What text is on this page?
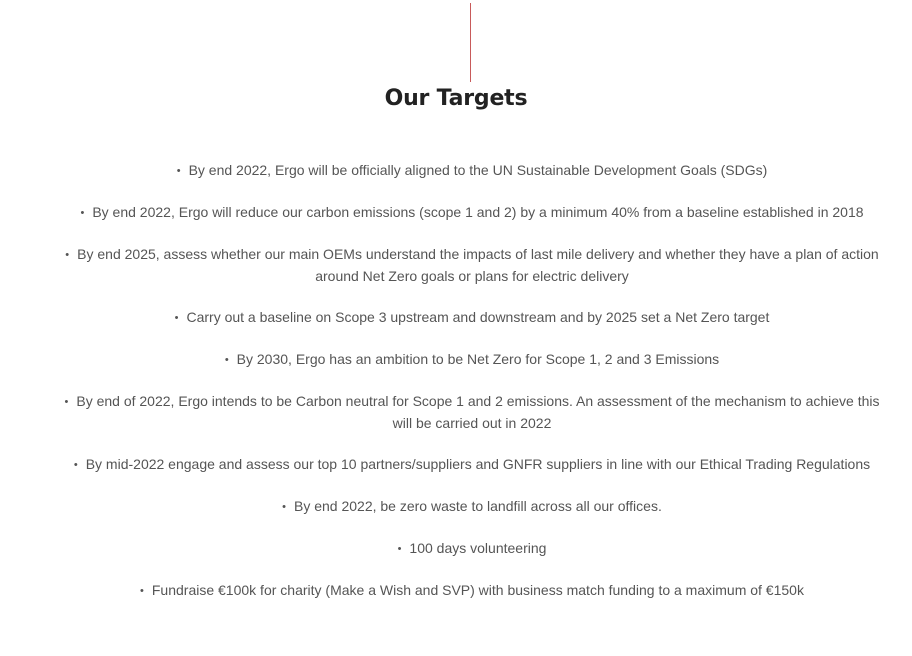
Our Targets
• By end 2022, Ergo will be officially aligned to the UN Sustainable Development Goals (SDGs)
• By end 2022, Ergo will reduce our carbon emissions (scope 1 and 2) by a minimum 40% from a baseline established in 2018
• By end 2025, assess whether our main OEMs understand the impacts of last mile delivery and whether they have a plan of action around Net Zero goals or plans for electric delivery
• Carry out a baseline on Scope 3 upstream and downstream and by 2025 set a Net Zero target
• By 2030, Ergo has an ambition to be Net Zero for Scope 1, 2 and 3 Emissions
• By end of 2022, Ergo intends to be Carbon neutral for Scope 1 and 2 emissions. An assessment of the mechanism to achieve this will be carried out in 2022
• By mid-2022 engage and assess our top 10 partners/suppliers and GNFR suppliers in line with our Ethical Trading Regulations
• By end 2022, be zero waste to landfill across all our offices.
• 100 days volunteering
• Fundraise €100k for charity (Make a Wish and SVP) with business match funding to a maximum of €150k
